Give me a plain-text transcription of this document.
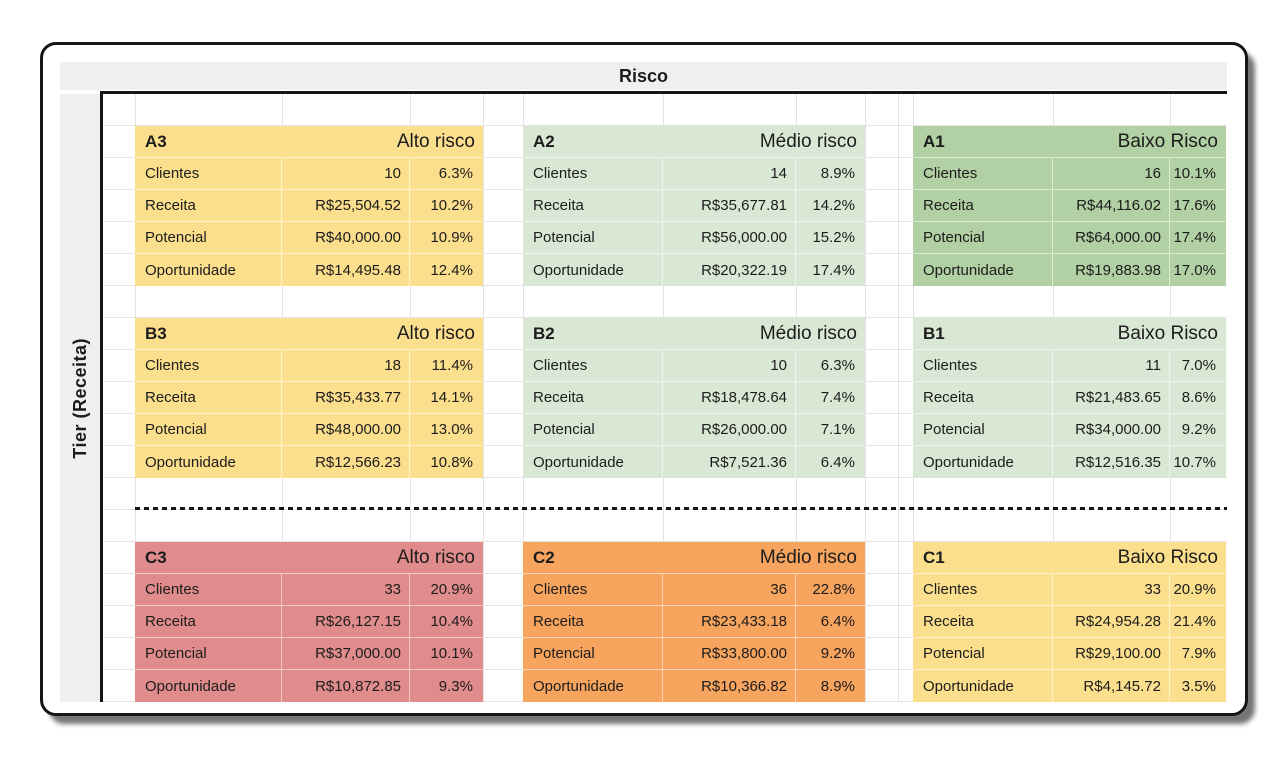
Risco
Tier (Receita)
A3	Alto risco
Clientes	10	6.3%
Receita	R$25,504.52	10.2%
Potencial	R$40,000.00	10.9%
Oportunidade	R$14,495.48	12.4%
A2	Médio risco
Clientes	14	8.9%
Receita	R$35,677.81	14.2%
Potencial	R$56,000.00	15.2%
Oportunidade	R$20,322.19	17.4%
A1	Baixo Risco
Clientes	16 10.1%
Receita	R$44,116.02 17.6%
Potencial	R$64,000.00 17.4%
Oportunidade	R$19,883.98 17.0%
B3	Alto risco
Clientes	18	11.4%
Receita	R$35,433.77	14.1%
Potencial	R$48,000.00	13.0%
Oportunidade	R$12,566.23	10.8%
B2	Médio risco
Clientes	10	6.3%
Receita	R$18,478.64	7.4%
Potencial	R$26,000.00	7.1%
Oportunidade	R$7,521.36	6.4%
B1	Baixo Risco
Clientes	11	7.0%
Receita	R$21,483.65	8.6%
Potencial	R$34,000.00	9.2%
Oportunidade	R$12,516.35 10.7%
C3	Alto risco
Clientes	33	20.9%
Receita	R$26,127.15	10.4%
Potencial	R$37,000.00	10.1%
Oportunidade	R$10,872.85	9.3%
C2	Médio risco
Clientes	36	22.8%
Receita	R$23,433.18	6.4%
Potencial	R$33,800.00	9.2%
Oportunidade	R$10,366.82	8.9%
C1	Baixo Risco
Clientes	33 20.9%
Receita	R$24,954.28 21.4%
Potencial	R$29,100.00	7.9%
Oportunidade	R$4,145.72	3.5%
